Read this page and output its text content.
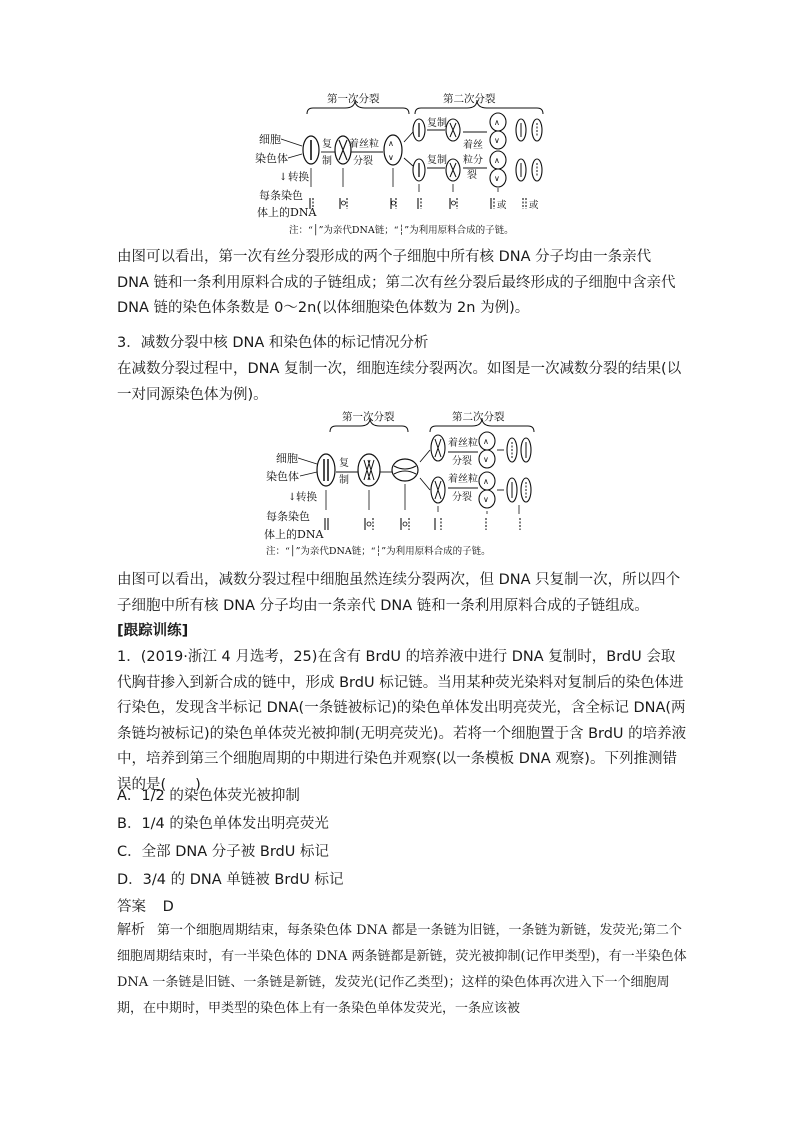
第一次分裂	第二次分裂
细胞
染色体
↓ 转换
每条染色
体上的DNA
复
制
着丝粒
分裂
∧
∨
复制
复制
着丝
粒分
裂
∧
∨
∧
∨
或 或
注：“│”为亲代DNA链；“┆”为利用原料合成的子链。

由图可以看出，第一次有丝分裂形成的两个子细胞中所有核 DNA 分子均由一条亲代 DNA 链和一条利用原料合成的子链组成；第二次有丝分裂后最终形成的子细胞中含亲代 DNA 链的染色体条数是 0～2n(以体细胞染色体数为 2n 为例)。

3．减数分裂中核 DNA 和染色体的标记情况分析

在减数分裂过程中，DNA 复制一次，细胞连续分裂两次。如图是一次减数分裂的结果(以一对同源染色体为例)。

第一次分裂	第二次分裂
细胞
染色体
↓ 转换
每条染色
体上的DNA
复
制
着丝粒
分裂
着丝粒
分裂
∧
∨
∧
∨
注：“│”为亲代DNA链；“┆”为利用原料合成的子链。

由图可以看出，减数分裂过程中细胞虽然连续分裂两次，但 DNA 只复制一次，所以四个子细胞中所有核 DNA 分子均由一条亲代 DNA 链和一条利用原料合成的子链组成。

[跟踪训练]

1．(2019·浙江 4 月选考，25)在含有 BrdU 的培养液中进行 DNA 复制时，BrdU 会取代胸苷掺入到新合成的链中，形成 BrdU 标记链。当用某种荧光染料对复制后的染色体进行染色，发现含半标记 DNA(一条链被标记)的染色单体发出明亮荧光，含全标记 DNA(两条链均被标记)的染色单体荧光被抑制(无明亮荧光)。若将一个细胞置于含 BrdU 的培养液中，培养到第三个细胞周期的中期进行染色并观察(以一条模板 DNA 观察)。下列推测错误的是(　　)

A．1/2 的染色体荧光被抑制

B．1/4 的染色单体发出明亮荧光

C．全部 DNA 分子被 BrdU 标记

D．3/4 的 DNA 单链被 BrdU 标记

答案 D
解析 第一个细胞周期结束，每条染色体 DNA 都是一条链为旧链，一条链为新链，发荧光;第二个细胞周期结束时，有一半染色体的 DNA 两条链都是新链，荧光被抑制(记作甲类型)，有一半染色体 DNA 一条链是旧链、一条链是新链，发荧光(记作乙类型)；这样的染色体再次进入下一个细胞周期，在中期时，甲类型的染色体上有一条染色单体发荧光，一条应该被
